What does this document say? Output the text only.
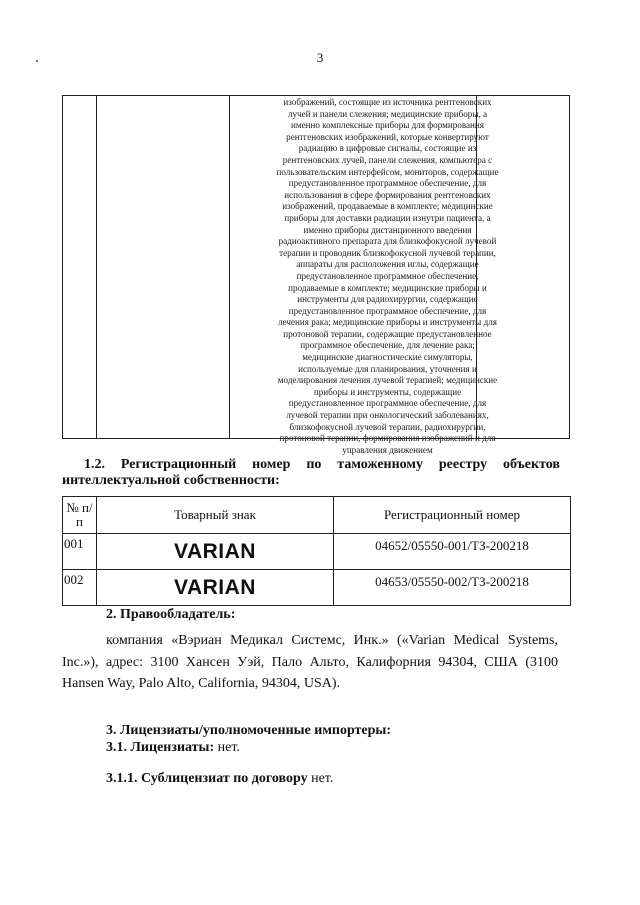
3
изображений, состоящие из источника рентгеновских
лучей и панели слежения; медицинские приборы, а
именно комплексные приборы для формирования
рентгеновских изображений, которые конвертируют
радиацию в цифровые сигналы, состоящие из
рентгеновских лучей, панели слежения, компьютера с
пользовательским интерфейсом, мониторов, содержащие
предустановленное программное обеспечение, для
использования в сфере формирования рентгеновских
изображений, продаваемые в комплекте; медицинские
приборы для доставки радиации изнутри пациента, а
именно приборы дистанционного введения
радиоактивного препарата для близкофокусной лучевой
терапии и проводник близкофокусной лучевой терапии,
аппараты для расположения иглы, содержащие
предустановленное программное обеспечение,
продаваемые в комплекте; медицинские приборы и
инструменты для радиохирургии, содержащие
предустановленное программное обеспечение, для
лечения рака; медицинские приборы и инструменты для
протоновой терапии, содержащие предустановленное
программное обеспечение, для лечение рака;
медицинские диагностические симуляторы,
используемые для планирования, уточнения и
моделирования лечения лучевой терапией; медицинские
приборы и инструменты, содержащие
предустановленное программное обеспечение, для
лучевой терапии при онкологический заболеваниях,
близкофокусной лучевой терапии, радиохирургии,
протоновой терапии, формирования изображений и для
управления движением
1.2. Регистрационный номер по таможенному реестру объектов
интеллектуальной собственности:
№ п/п	Товарный знак	Регистрационный номер
001	VARIAN	04652/05550-001/ТЗ-200218
002	VARIAN	04653/05550-002/ТЗ-200218
2. Правообладатель:
компания «Вэриан Медикал Системс, Инк.» («Varian Medical Systems, Inc.»), адрес: 3100 Хансен Уэй, Пало Альто, Калифорния 94304, США (3100 Hansen Way, Palo Alto, California, 94304, USA).
3. Лицензиаты/уполномоченные импортеры:
3.1. Лицензиаты: нет.
3.1.1. Сублицензиат по договору нет.
